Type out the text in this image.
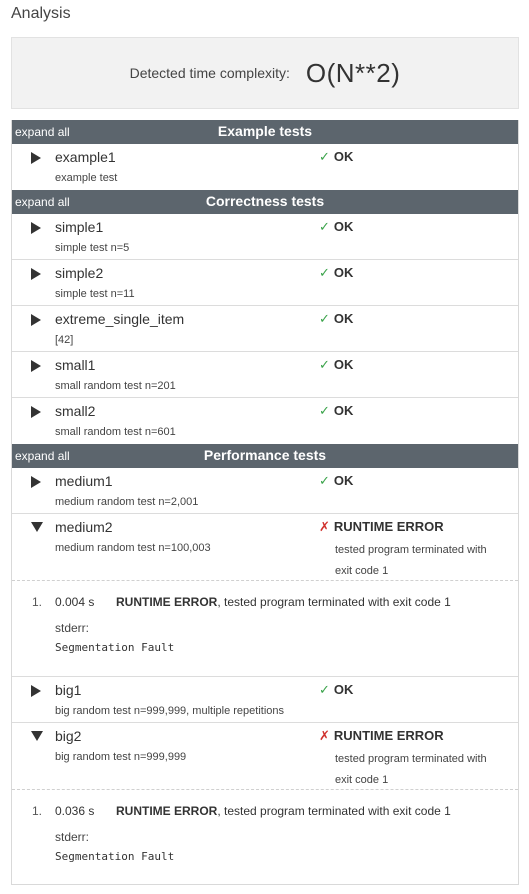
Analysis
Detected time complexity: O(N**2)
expand all	Example tests
example1
example test
✓ OK
expand all	Correctness tests
simple1
simple test n=5
✓ OK
simple2
simple test n=11
✓ OK
extreme_single_item
[42]
✓ OK
small1
small random test n=201
✓ OK
small2
small random test n=601
✓ OK
expand all	Performance tests
medium1
medium random test n=2,001
✓ OK
medium2
medium random test n=100,003
✗ RUNTIME ERROR
tested program terminated with exit code 1
1. 0.004 s RUNTIME ERROR, tested program terminated with exit code 1
stderr:
Segmentation Fault
big1
big random test n=999,999, multiple repetitions
✓ OK
big2
big random test n=999,999
✗ RUNTIME ERROR
tested program terminated with exit code 1
1. 0.036 s RUNTIME ERROR, tested program terminated with exit code 1
stderr:
Segmentation Fault
